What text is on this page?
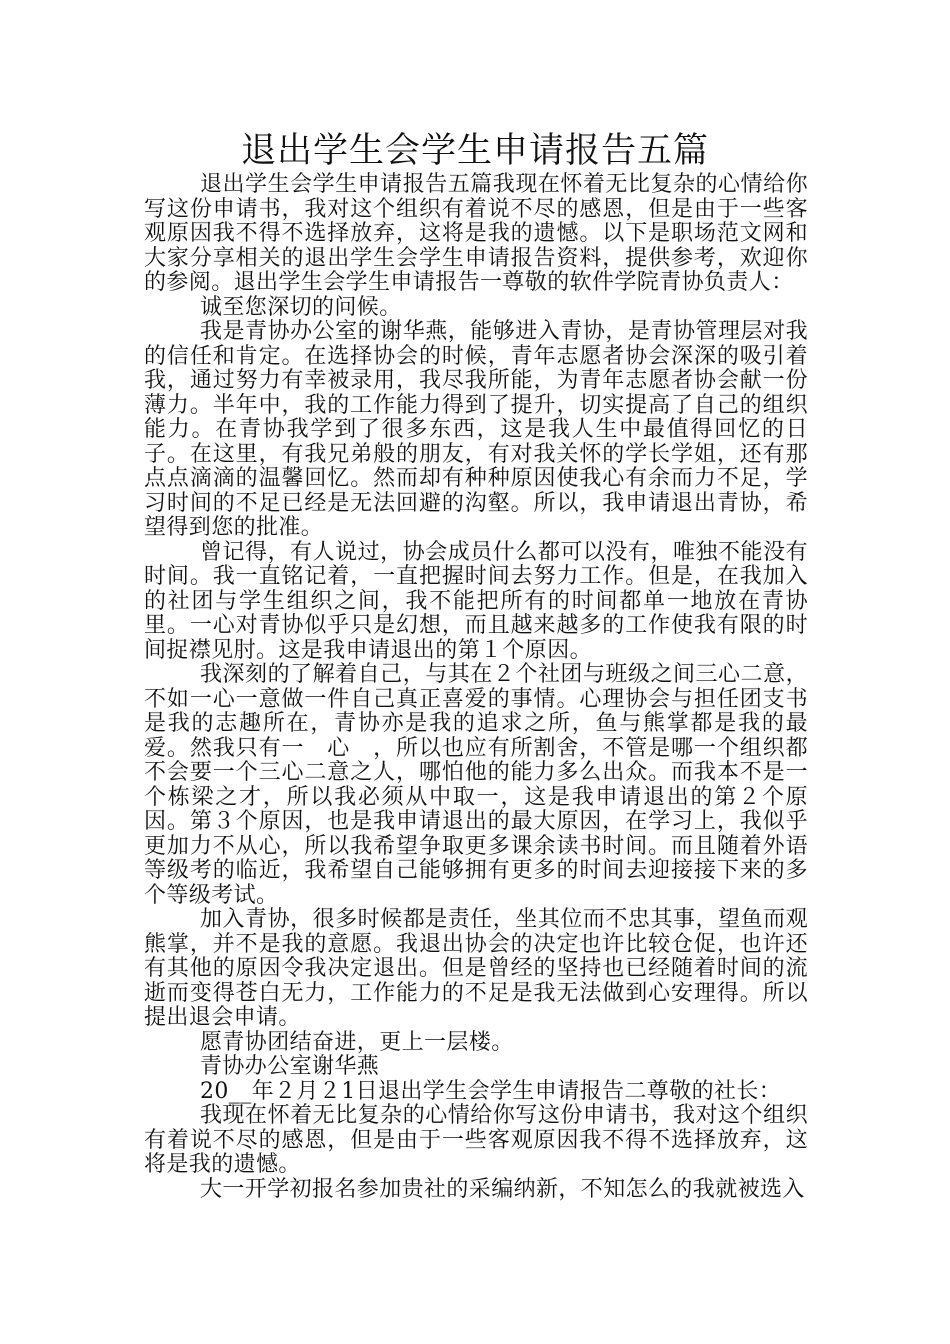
退出学生会学生申请报告五篇

退出学生会学生申请报告五篇我现在怀着无比复杂的心情给你写这份申请书，我对这个组织有着说不尽的感恩，但是由于一些客观原因我不得不选择放弃，这将是我的遗憾。以下是职场范文网和大家分享相关的退出学生会学生申请报告资料，提供参考，欢迎你的参阅。退出学生会学生申请报告一尊敬的软件学院青协负责人：

诚至您深切的问候。

我是青协办公室的谢华燕，能够进入青协，是青协管理层对我的信任和肯定。在选择协会的时候，青年志愿者协会深深的吸引着我，通过努力有幸被录用，我尽我所能，为青年志愿者协会献一份薄力。半年中，我的工作能力得到了提升，切实提高了自己的组织能力。在青协我学到了很多东西，这是我人生中最值得回忆的日子。在这里，有我兄弟般的朋友，有对我关怀的学长学姐，还有那点点滴滴的温馨回忆。然而却有种种原因使我心有余而力不足，学习时间的不足已经是无法回避的沟壑。所以，我申请退出青协，希望得到您的批准。

曾记得，有人说过，协会成员什么都可以没有，唯独不能没有时间。我一直铭记着，一直把握时间去努力工作。但是，在我加入的社团与学生组织之间，我不能把所有的时间都单一地放在青协里。一心对青协似乎只是幻想，而且越来越多的工作使我有限的时间捉襟见肘。这是我申请退出的第１个原因。

我深刻的了解着自己，与其在２个社团与班级之间三心二意，不如一心一意做一件自己真正喜爱的事情。心理协会与担任团支书是我的志趣所在，青协亦是我的追求之所，鱼与熊掌都是我的最爱。然我只有一　心　，所以也应有所割舍，不管是哪一个组织都不会要一个三心二意之人，哪怕他的能力多么出众。而我本不是一个栋梁之才，所以我必须从中取一，这是我申请退出的第２个原因。第３个原因，也是我申请退出的最大原因，在学习上，我似乎更加力不从心，所以我希望争取更多课余读书时间。而且随着外语等级考的临近，我希望自己能够拥有更多的时间去迎接接下来的多个等级考试。

加入青协，很多时候都是责任，坐其位而不忠其事，望鱼而观熊掌，并不是我的意愿。我退出协会的决定也许比较仓促，也许还有其他的原因令我决定退出。但是曾经的坚持也已经随着时间的流逝而变得苍白无力，工作能力的不足是我无法做到心安理得。所以提出退会申请。

愿青协团结奋进，更上一层楼。

青协办公室谢华燕

20__年２月２1日退出学生会学生申请报告二尊敬的社长：

我现在怀着无比复杂的心情给你写这份申请书，我对这个组织有着说不尽的感恩，但是由于一些客观原因我不得不选择放弃，这将是我的遗憾。

大一开学初报名参加贵社的采编纳新，不知怎么的我就被选入
